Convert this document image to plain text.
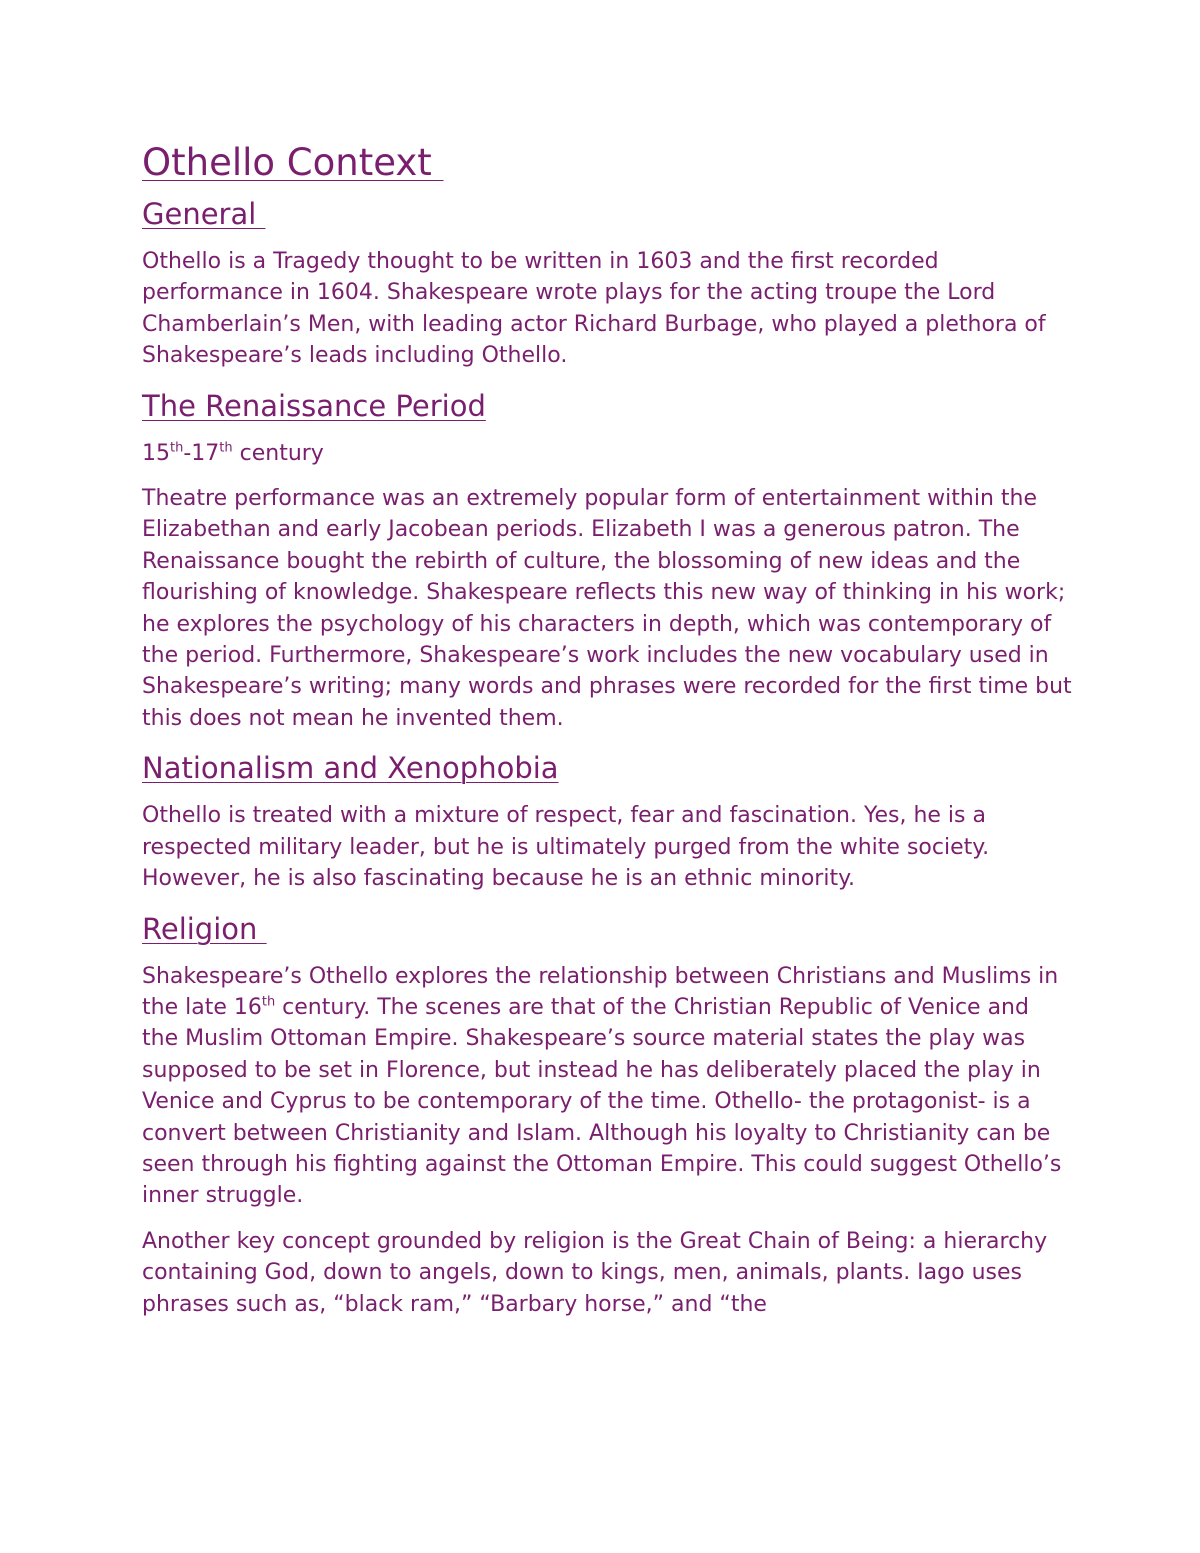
Othello Context
General

Othello is a Tragedy thought to be written in 1603 and the first recorded performance in 1604. Shakespeare wrote plays for the acting troupe the Lord Chamberlain’s Men, with leading actor Richard Burbage, who played a plethora of Shakespeare’s leads including Othello.

The Renaissance Period

15th-17th century

Theatre performance was an extremely popular form of entertainment within the Elizabethan and early Jacobean periods. Elizabeth I was a generous patron. The Renaissance bought the rebirth of culture, the blossoming of new ideas and the flourishing of knowledge. Shakespeare reflects this new way of thinking in his work; he explores the psychology of his characters in depth, which was contemporary of the period. Furthermore, Shakespeare’s work includes the new vocabulary used in Shakespeare’s writing; many words and phrases were recorded for the first time but this does not mean he invented them.

Nationalism and Xenophobia

Othello is treated with a mixture of respect, fear and fascination. Yes, he is a respected military leader, but he is ultimately purged from the white society. However, he is also fascinating because he is an ethnic minority.

Religion

Shakespeare’s Othello explores the relationship between Christians and Muslims in the late 16th century. The scenes are that of the Christian Republic of Venice and the Muslim Ottoman Empire. Shakespeare’s source material states the play was supposed to be set in Florence, but instead he has deliberately placed the play in Venice and Cyprus to be contemporary of the time. Othello- the protagonist- is a convert between Christianity and Islam. Although his loyalty to Christianity can be seen through his fighting against the Ottoman Empire. This could suggest Othello’s inner struggle.

Another key concept grounded by religion is the Great Chain of Being: a hierarchy containing God, down to angels, down to kings, men, animals, plants. Iago uses phrases such as, “black ram,” “Barbary horse,” and “the
